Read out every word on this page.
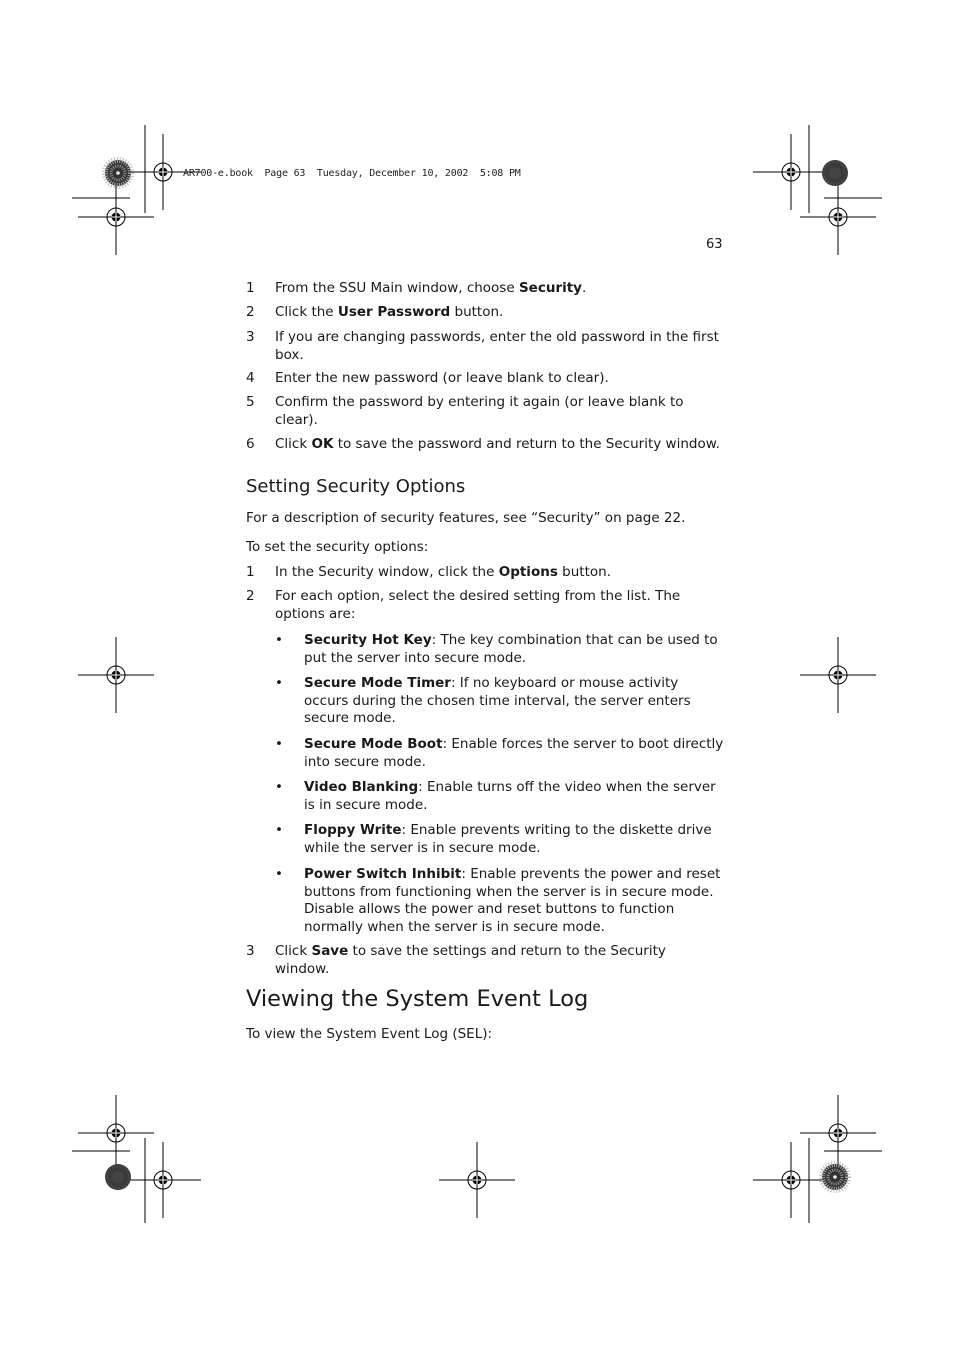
AR700-e.book  Page 63  Tuesday, December 10, 2002  5:08 PM
63
1 From the SSU Main window, choose Security.
2 Click the User Password button.
3 If you are changing passwords, enter the old password in the first box.
4 Enter the new password (or leave blank to clear).
5 Confirm the password by entering it again (or leave blank to clear).
6 Click OK to save the password and return to the Security window.
Setting Security Options
For a description of security features, see “Security” on page 22.
To set the security options:
1 In the Security window, click the Options button.
2 For each option, select the desired setting from the list. The options are:
• Security Hot Key: The key combination that can be used to put the server into secure mode.
• Secure Mode Timer: If no keyboard or mouse activity occurs during the chosen time interval, the server enters secure mode.
• Secure Mode Boot: Enable forces the server to boot directly into secure mode.
• Video Blanking: Enable turns off the video when the server is in secure mode.
• Floppy Write: Enable prevents writing to the diskette drive while the server is in secure mode.
• Power Switch Inhibit: Enable prevents the power and reset buttons from functioning when the server is in secure mode. Disable allows the power and reset buttons to function normally when the server is in secure mode.
3 Click Save to save the settings and return to the Security window.
Viewing the System Event Log
To view the System Event Log (SEL):
